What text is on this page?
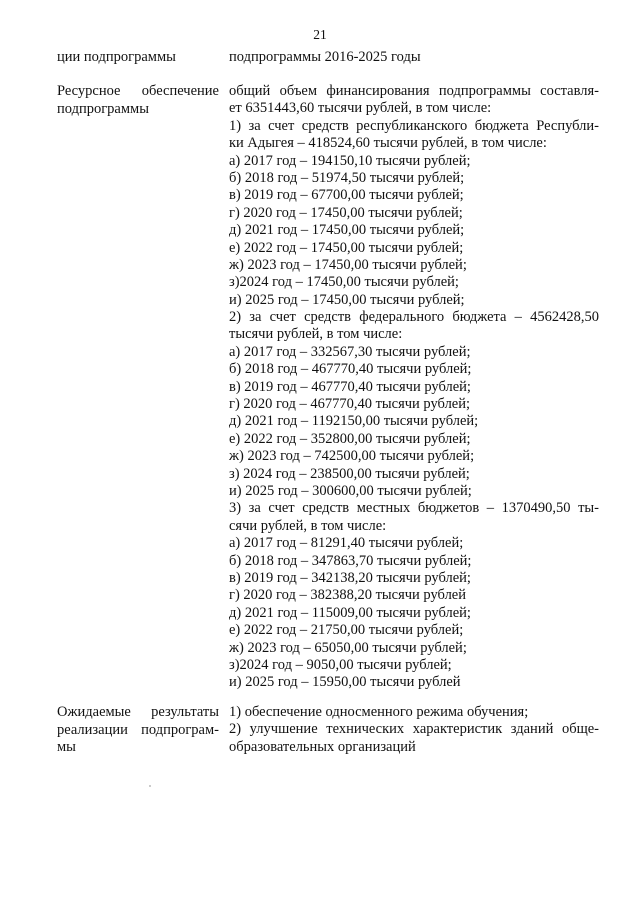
21
ции подпрограммы	подпрограммы 2016-2025 годы
Ресурсное обеспечение
подпрограммы
общий объем финансирования подпрограммы составля-
ет 6351443,60 тысячи рублей, в том числе:
1) за счет средств республиканского бюджета Республи-
ки Адыгея – 418524,60 тысячи рублей, в том числе:
а) 2017 год – 194150,10 тысячи рублей;
б) 2018 год – 51974,50 тысячи рублей;
в) 2019 год – 67700,00 тысячи рублей;
г) 2020 год – 17450,00 тысячи рублей;
д) 2021 год – 17450,00 тысячи рублей;
е) 2022 год – 17450,00 тысячи рублей;
ж) 2023 год – 17450,00 тысячи рублей;
з)2024 год – 17450,00 тысячи рублей;
и) 2025 год – 17450,00 тысячи рублей;
2) за счет средств федерального бюджета – 4562428,50
тысячи рублей, в том числе:
а) 2017 год – 332567,30 тысячи рублей;
б) 2018 год – 467770,40 тысячи рублей;
в) 2019 год – 467770,40 тысячи рублей;
г) 2020 год – 467770,40 тысячи рублей;
д) 2021 год – 1192150,00 тысячи рублей;
е) 2022 год – 352800,00 тысячи рублей;
ж) 2023 год – 742500,00 тысячи рублей;
з) 2024 год – 238500,00 тысячи рублей;
и) 2025 год – 300600,00 тысячи рублей;
3) за счет средств местных бюджетов – 1370490,50 ты-
сячи рублей, в том числе:
а) 2017 год – 81291,40 тысячи рублей;
б) 2018 год – 347863,70 тысячи рублей;
в) 2019 год – 342138,20 тысячи рублей;
г) 2020 год – 382388,20 тысячи рублей
д) 2021 год – 115009,00 тысячи рублей;
е) 2022 год – 21750,00 тысячи рублей;
ж) 2023 год – 65050,00 тысячи рублей;
з)2024 год – 9050,00 тысячи рублей;
и) 2025 год – 15950,00 тысячи рублей
Ожидаемые результаты
реализации подпрограм-
мы
1) обеспечение односменного режима обучения;
2) улучшение технических характеристик зданий обще-
образовательных организаций
